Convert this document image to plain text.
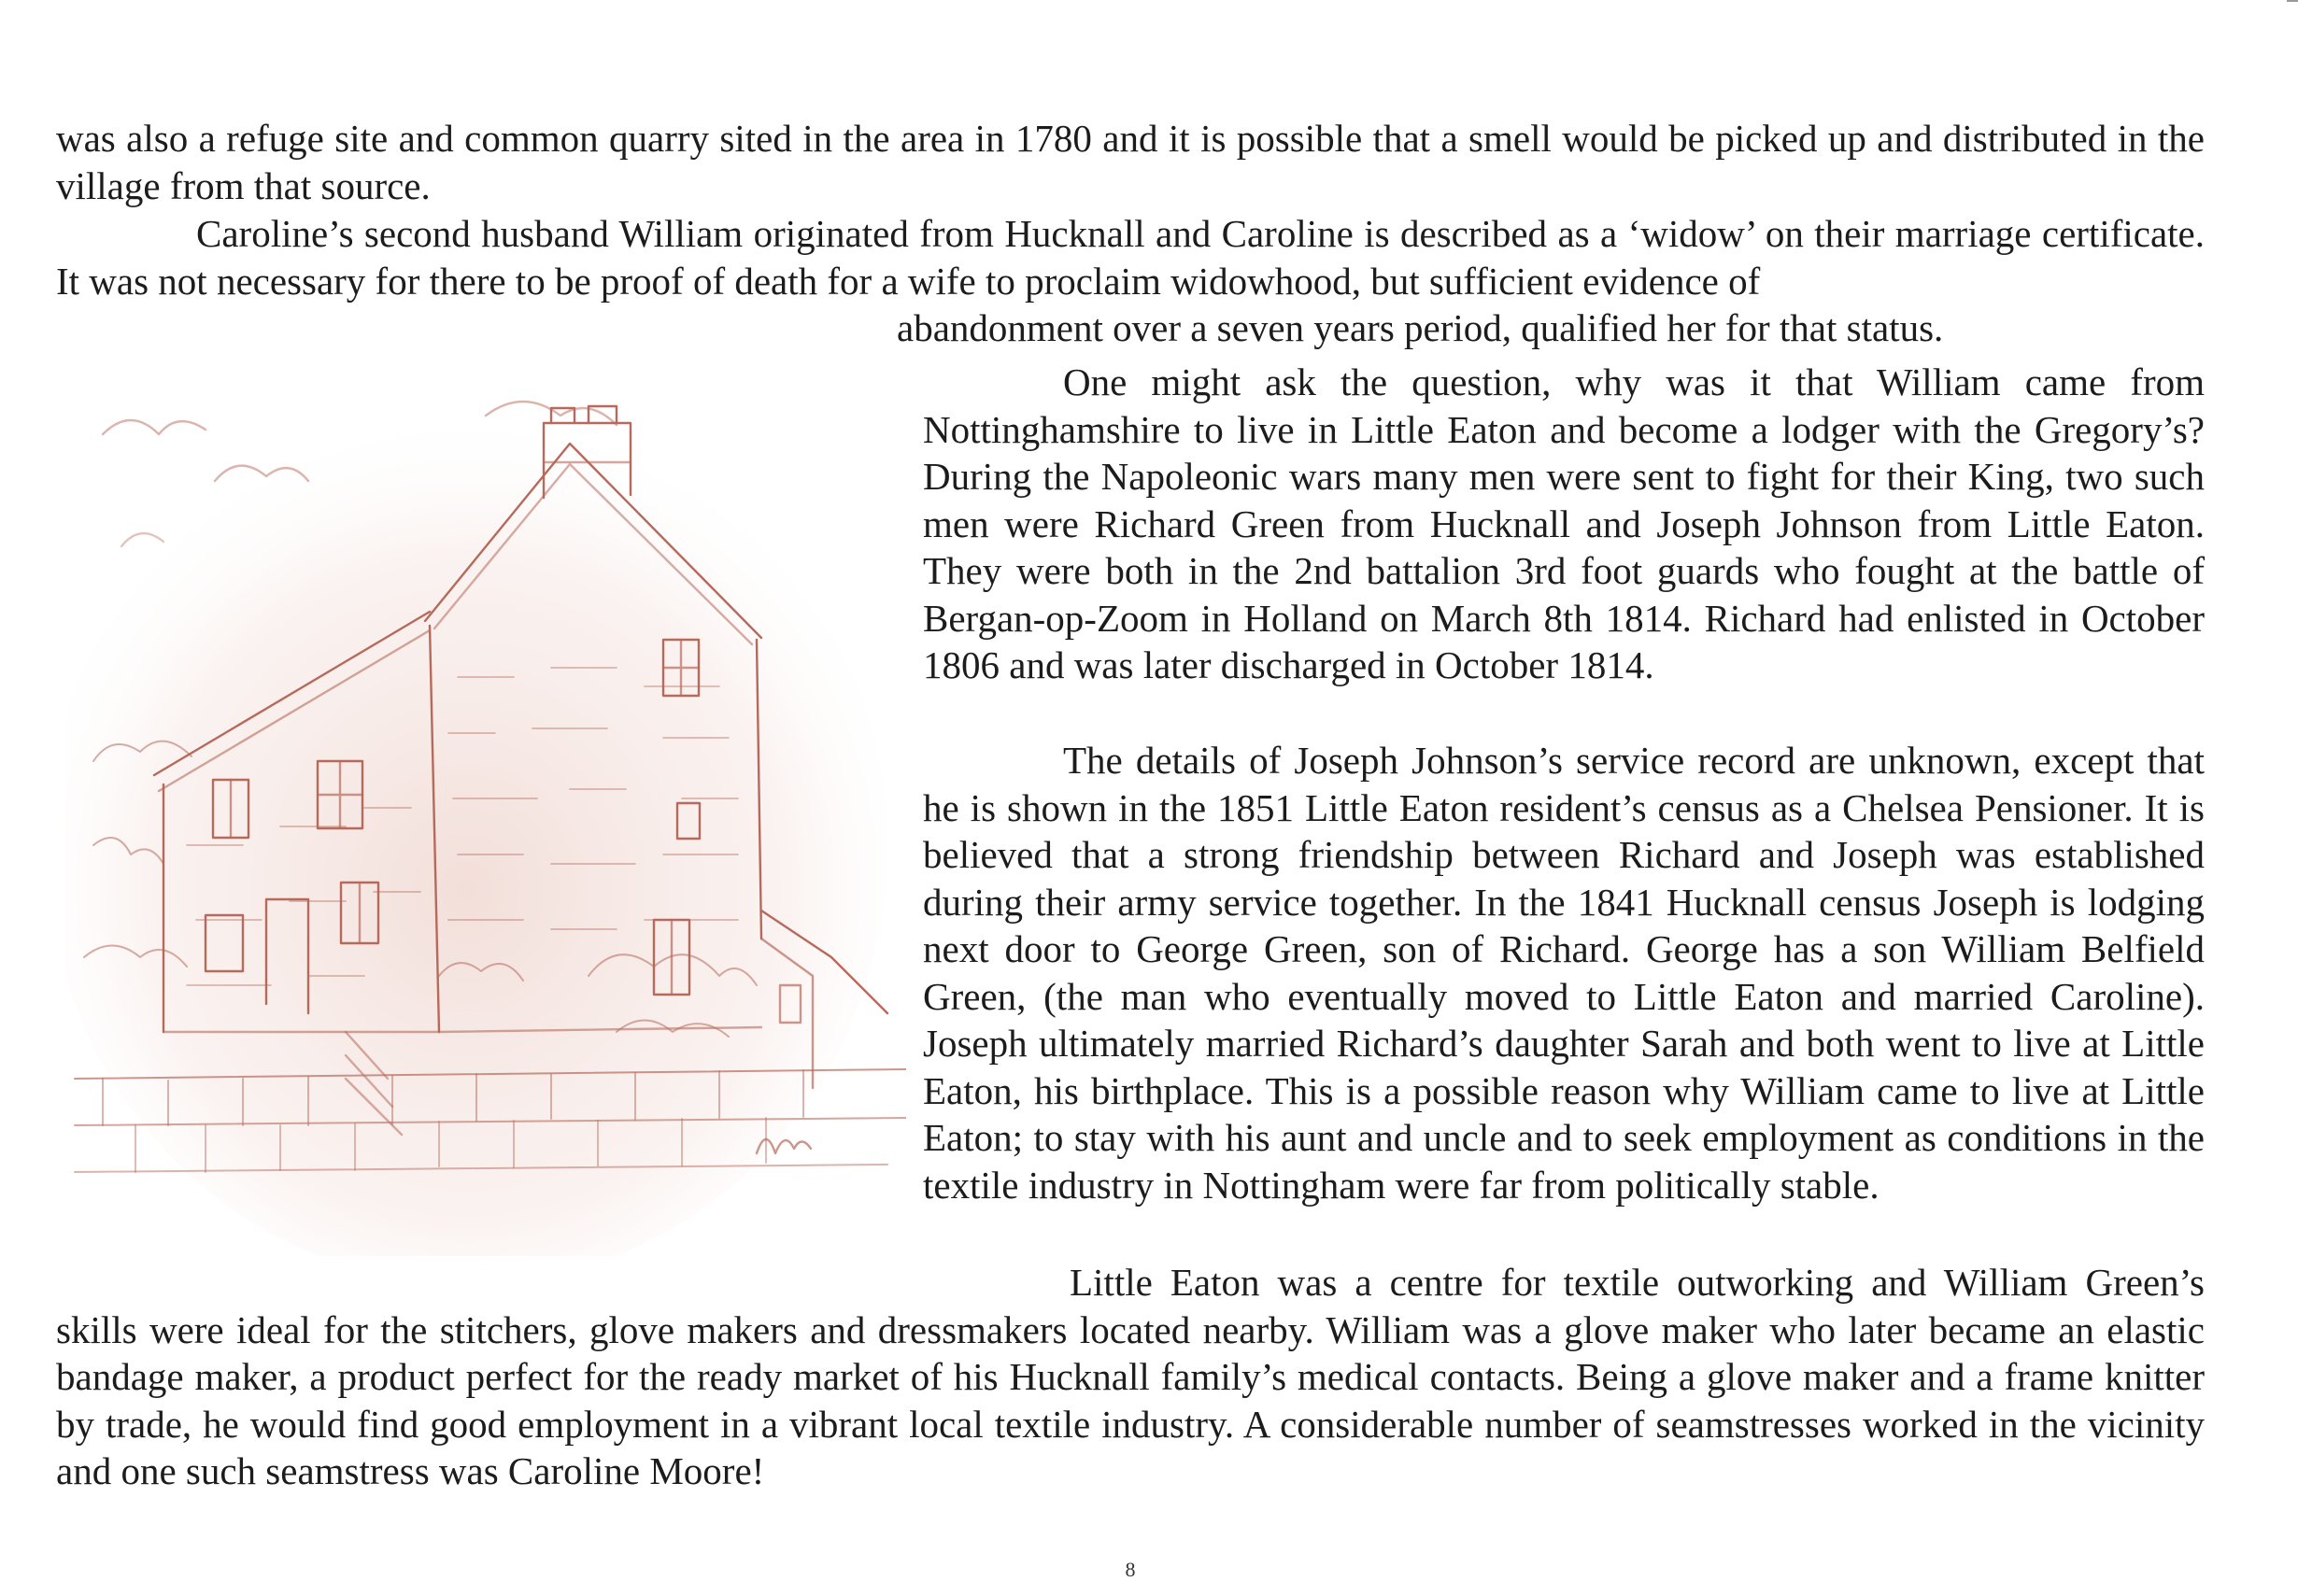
was also a refuge site and common quarry sited in the area in 1780 and it is possible that a smell would be picked up and distributed in the village from that source.

Caroline’s second husband William originated from Hucknall and Caroline is described as a ‘widow’ on their marriage certificate. It was not necessary for there to be proof of death for a wife to proclaim widowhood, but sufficient evidence of
abandonment over a seven years period, qualified her for that status.

One might ask the question, why was it that William came from Nottinghamshire to live in Little Eaton and become a lodger with the Gregory’s? During the Napoleonic wars many men were sent to fight for their King, two such men were Richard Green from Hucknall and Joseph Johnson from Little Eaton. They were both in the 2nd battalion 3rd foot guards who fought at the battle of Bergan-op-Zoom in Holland on March 8th 1814. Richard had enlisted in October 1806 and was later discharged in October 1814.

The details of Joseph Johnson’s service record are unknown, except that he is shown in the 1851 Little Eaton resident’s census as a Chelsea Pensioner. It is believed that a strong friendship between Richard and Joseph was established during their army service together. In the 1841 Hucknall census Joseph is lodging next door to George Green, son of Richard. George has a son William Belfield Green, (the man who eventually moved to Little Eaton and married Caroline). Joseph ultimately married Richard’s daughter Sarah and both went to live at Little Eaton, his birthplace. This is a possible reason why William came to live at Little Eaton; to stay with his aunt and uncle and to seek employment as conditions in the textile industry in Nottingham were far from politically stable.

Little Eaton was a centre for textile outworking and William Green’s skills were ideal for the stitchers, glove makers and dressmakers located nearby. William was a glove maker who later became an elastic bandage maker, a product perfect for the ready market of his Hucknall family’s medical contacts. Being a glove maker and a frame knitter by trade, he would find good employment in a vibrant local textile industry. A considerable number of seamstresses worked in the vicinity and one such seamstress was Caroline Moore!

8
